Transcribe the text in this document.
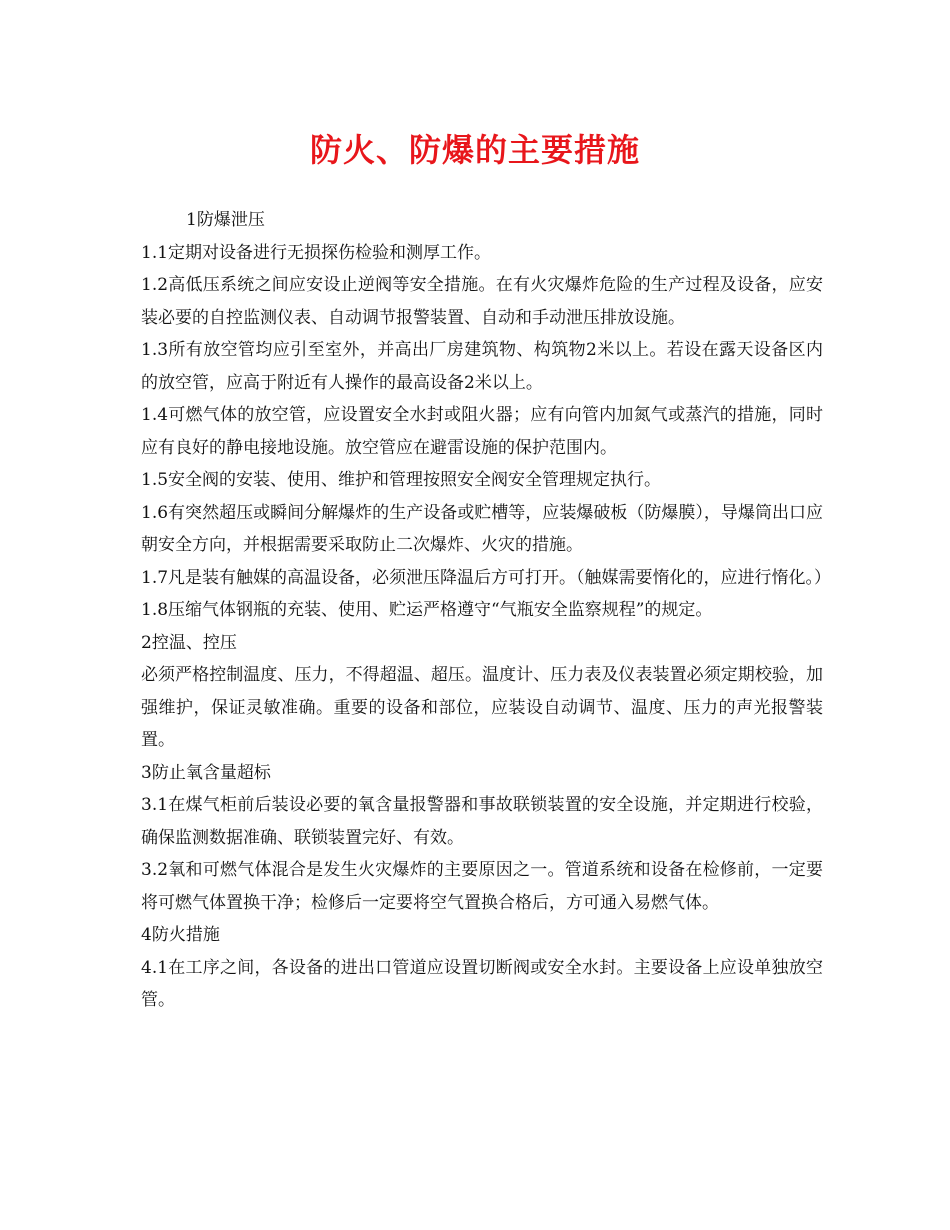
防火、防爆的主要措施

1防爆泄压

1.1定期对设备进行无损探伤检验和测厚工作。

1.2高低压系统之间应安设止逆阀等安全措施。在有火灾爆炸危险的生产过程及设备，应安装必要的自控监测仪表、自动调节报警装置、自动和手动泄压排放设施。

1.3所有放空管均应引至室外，并高出厂房建筑物、构筑物2米以上。若设在露天设备区内的放空管，应高于附近有人操作的最高设备2米以上。

1.4可燃气体的放空管，应设置安全水封或阻火器；应有向管内加氮气或蒸汽的措施，同时应有良好的静电接地设施。放空管应在避雷设施的保护范围内。

1.5安全阀的安装、使用、维护和管理按照安全阀安全管理规定执行。

1.6有突然超压或瞬间分解爆炸的生产设备或贮槽等，应装爆破板（防爆膜），导爆筒出口应朝安全方向，并根据需要采取防止二次爆炸、火灾的措施。

1.7凡是装有触媒的高温设备，必须泄压降温后方可打开。（触媒需要惰化的，应进行惰化。）

1.8压缩气体钢瓶的充装、使用、贮运严格遵守“气瓶安全监察规程”的规定。

2控温、控压

必须严格控制温度、压力，不得超温、超压。温度计、压力表及仪表装置必须定期校验，加强维护，保证灵敏准确。重要的设备和部位，应装设自动调节、温度、压力的声光报警装置。

3防止氧含量超标

3.1在煤气柜前后装设必要的氧含量报警器和事故联锁装置的安全设施，并定期进行校验，确保监测数据准确、联锁装置完好、有效。

3.2氧和可燃气体混合是发生火灾爆炸的主要原因之一。管道系统和设备在检修前，一定要将可燃气体置换干净；检修后一定要将空气置换合格后，方可通入易燃气体。

4防火措施

4.1在工序之间，各设备的进出口管道应设置切断阀或安全水封。主要设备上应设单独放空管。
